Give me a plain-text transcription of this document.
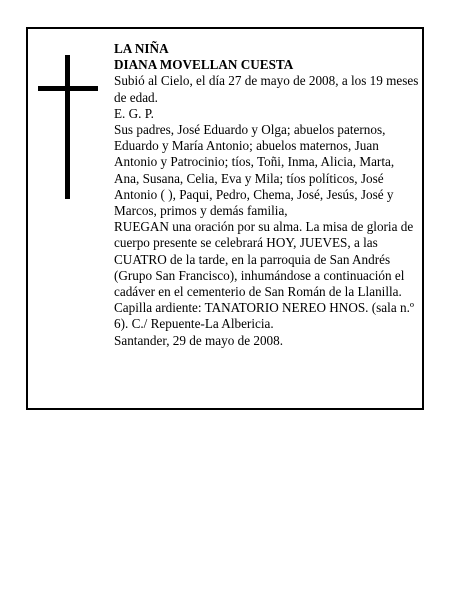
LA NIÑA

DIANA MOVELLAN CUESTA

Subió al Cielo, el día 27 de mayo de 2008, a los 19 meses de edad.

E. G. P.

Sus padres, José Eduardo y Olga; abuelos paternos, Eduardo y María Antonio; abuelos maternos, Juan Antonio y Patrocinio; tíos, Toñi, Inma, Alicia, Marta, Ana, Susana, Celia, Eva y Mila; tíos políticos, José Antonio ( ), Paqui, Pedro, Chema, José, Jesús, José y Marcos, primos y demás familia,

RUEGAN una oración por su alma. La misa de gloria de cuerpo presente se celebrará HOY, JUEVES, a las CUATRO de la tarde, en la parroquia de San Andrés (Grupo San Francisco), inhumándose a continuación el cadáver en el cementerio de San Román de la Llanilla.

Capilla ardiente: TANATORIO NEREO HNOS. (sala n.º 6). C./ Repuente-La Albericia.

Santander, 29 de mayo de 2008.
